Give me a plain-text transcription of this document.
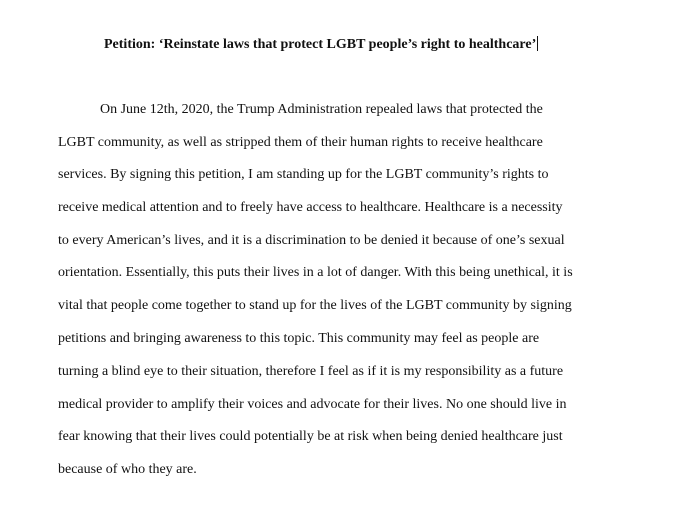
Petition: ‘Reinstate laws that protect LGBT people’s right to healthcare’
On June 12th, 2020, the Trump Administration repealed laws that protected the
LGBT community, as well as stripped them of their human rights to receive healthcare
services. By signing this petition, I am standing up for the LGBT community’s rights to
receive medical attention and to freely have access to healthcare. Healthcare is a necessity
to every American’s lives, and it is a discrimination to be denied it because of one’s sexual
orientation. Essentially, this puts their lives in a lot of danger. With this being unethical, it is
vital that people come together to stand up for the lives of the LGBT community by signing
petitions and bringing awareness to this topic. This community may feel as people are
turning a blind eye to their situation, therefore I feel as if it is my responsibility as a future
medical provider to amplify their voices and advocate for their lives. No one should live in
fear knowing that their lives could potentially be at risk when being denied healthcare just
because of who they are.
